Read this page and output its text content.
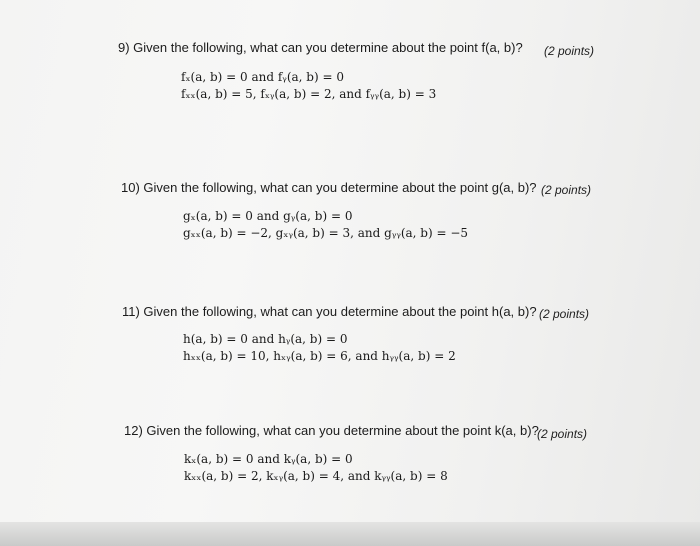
9) Given the following, what can you determine about the point f(a, b)? (2 points)
fₓ(a, b) = 0 and fᵧ(a, b) = 0
fₓₓ(a, b) = 5, fₓᵧ(a, b) = 2, and fᵧᵧ(a, b) = 3
10) Given the following, what can you determine about the point g(a, b)? (2 points)
gₓ(a, b) = 0 and gᵧ(a, b) = 0
gₓₓ(a, b) = −2, gₓᵧ(a, b) = 3, and gᵧᵧ(a, b) = −5
11) Given the following, what can you determine about the point h(a, b)? (2 points)
h(a, b) = 0 and hᵧ(a, b) = 0
hₓₓ(a, b) = 10, hₓᵧ(a, b) = 6, and hᵧᵧ(a, b) = 2
12) Given the following, what can you determine about the point k(a, b)?
(2 points)
kₓ(a, b) = 0 and kᵧ(a, b) = 0
kₓₓ(a, b) = 2, kₓᵧ(a, b) = 4, and kᵧᵧ(a, b) = 8
